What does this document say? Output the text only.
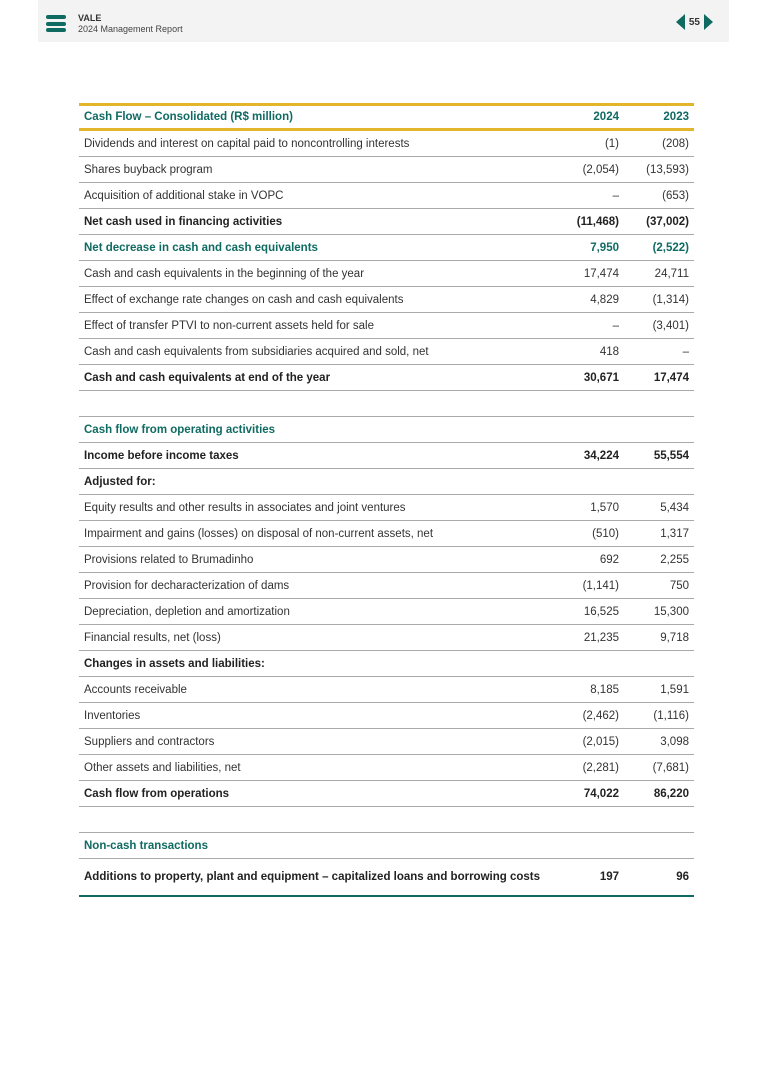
VALE
2024 Management Report
55
Cash Flow – Consolidated (R$ million)	2024	2023
Dividends and interest on capital paid to noncontrolling interests	(1)	(208)
Shares buyback program	(2,054)	(13,593)
Acquisition of additional stake in VOPC	–	(653)
Net cash used in financing activities	(11,468)	(37,002)
Net decrease in cash and cash equivalents	7,950	(2,522)
Cash and cash equivalents in the beginning of the year	17,474	24,711
Effect of exchange rate changes on cash and cash equivalents	4,829	(1,314)
Effect of transfer PTVI to non-current assets held for sale	–	(3,401)
Cash and cash equivalents from subsidiaries acquired and sold, net	418	–
Cash and cash equivalents at end of the year	30,671	17,474

Cash flow from operating activities		
Income before income taxes	34,224	55,554
Adjusted for:		
Equity results and other results in associates and joint ventures	1,570	5,434
Impairment and gains (losses) on disposal of non-current assets, net	(510)	1,317
Provisions related to Brumadinho	692	2,255
Provision for decharacterization of dams	(1,141)	750
Depreciation, depletion and amortization	16,525	15,300
Financial results, net (loss)	21,235	9,718
Changes in assets and liabilities:		
Accounts receivable	8,185	1,591
Inventories	(2,462)	(1,116)
Suppliers and contractors	(2,015)	3,098
Other assets and liabilities, net	(2,281)	(7,681)
Cash flow from operations	74,022	86,220

Non-cash transactions		
Additions to property, plant and equipment – capitalized loans and borrowing costs	197	96
